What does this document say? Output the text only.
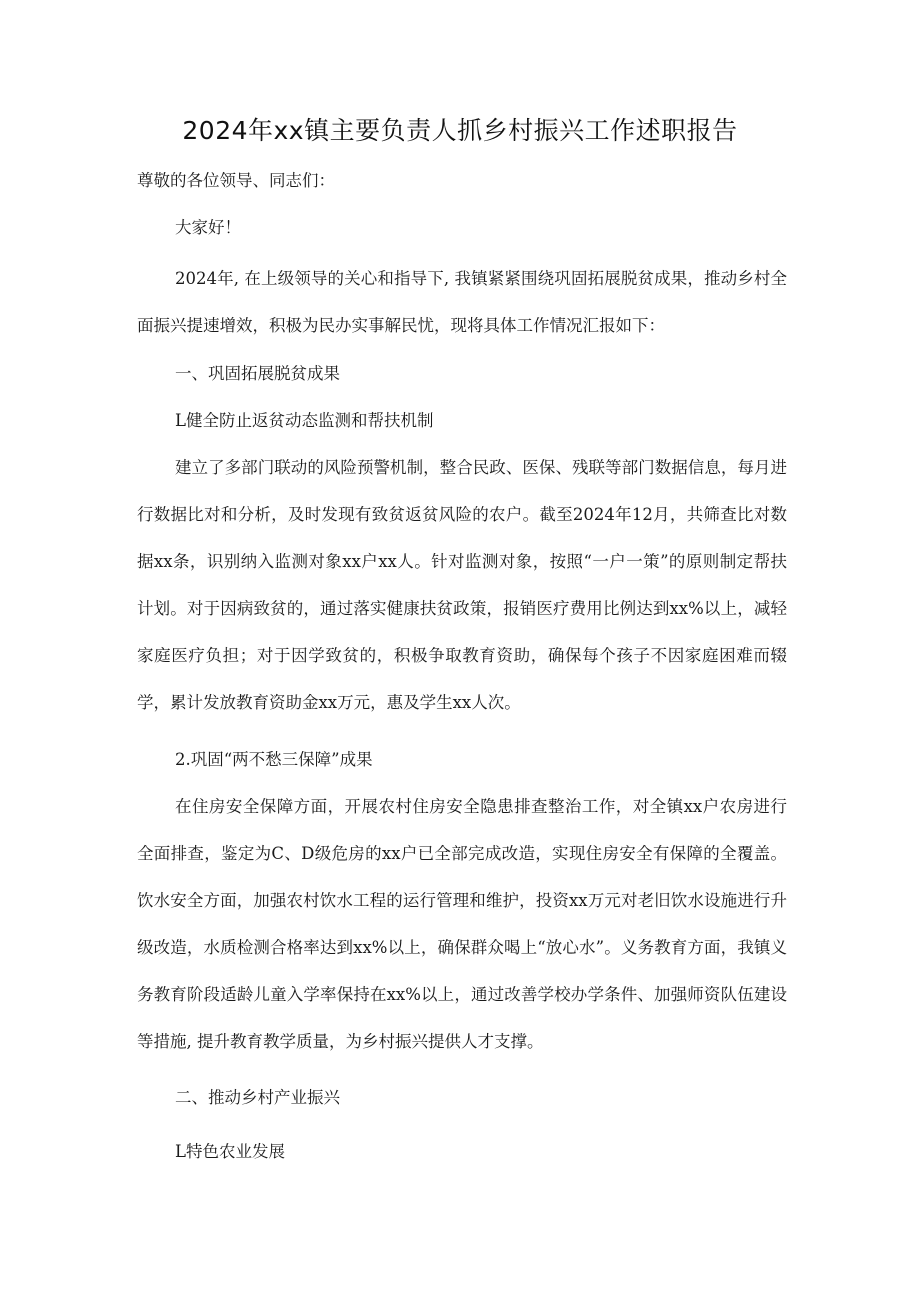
2024年xx镇主要负责人抓乡村振兴工作述职报告
尊敬的各位领导、同志们：
大家好！
2024年, 在上级领导的关心和指导下, 我镇紧紧围绕巩固拓展脱贫成果，推动乡村全面振兴提速增效，积极为民办实事解民忧，现将具体工作情况汇报如下：
一、巩固拓展脱贫成果
L健全防止返贫动态监测和帮扶机制
建立了多部门联动的风险预警机制，整合民政、医保、残联等部门数据信息，每月进行数据比对和分析，及时发现有致贫返贫风险的农户。截至2024年12月，共筛查比对数据xx条，识别纳入监测对象xx户xx人。针对监测对象，按照“一户一策”的原则制定帮扶计划。对于因病致贫的，通过落实健康扶贫政策，报销医疗费用比例达到xx%以上，减轻家庭医疗负担；对于因学致贫的，积极争取教育资助，确保每个孩子不因家庭困难而辍学，累计发放教育资助金xx万元，惠及学生xx人次。
2.巩固“两不愁三保障”成果
在住房安全保障方面，开展农村住房安全隐患排查整治工作，对全镇xx户农房进行全面排查，鉴定为C、D级危房的xx户已全部完成改造，实现住房安全有保障的全覆盖。饮水安全方面，加强农村饮水工程的运行管理和维护，投资xx万元对老旧饮水设施进行升级改造，水质检测合格率达到xx%以上，确保群众喝上“放心水”。义务教育方面，我镇义务教育阶段适龄儿童入学率保持在xx%以上，通过改善学校办学条件、加强师资队伍建设等措施, 提升教育教学质量，为乡村振兴提供人才支撑。
二、推动乡村产业振兴
L特色农业发展
